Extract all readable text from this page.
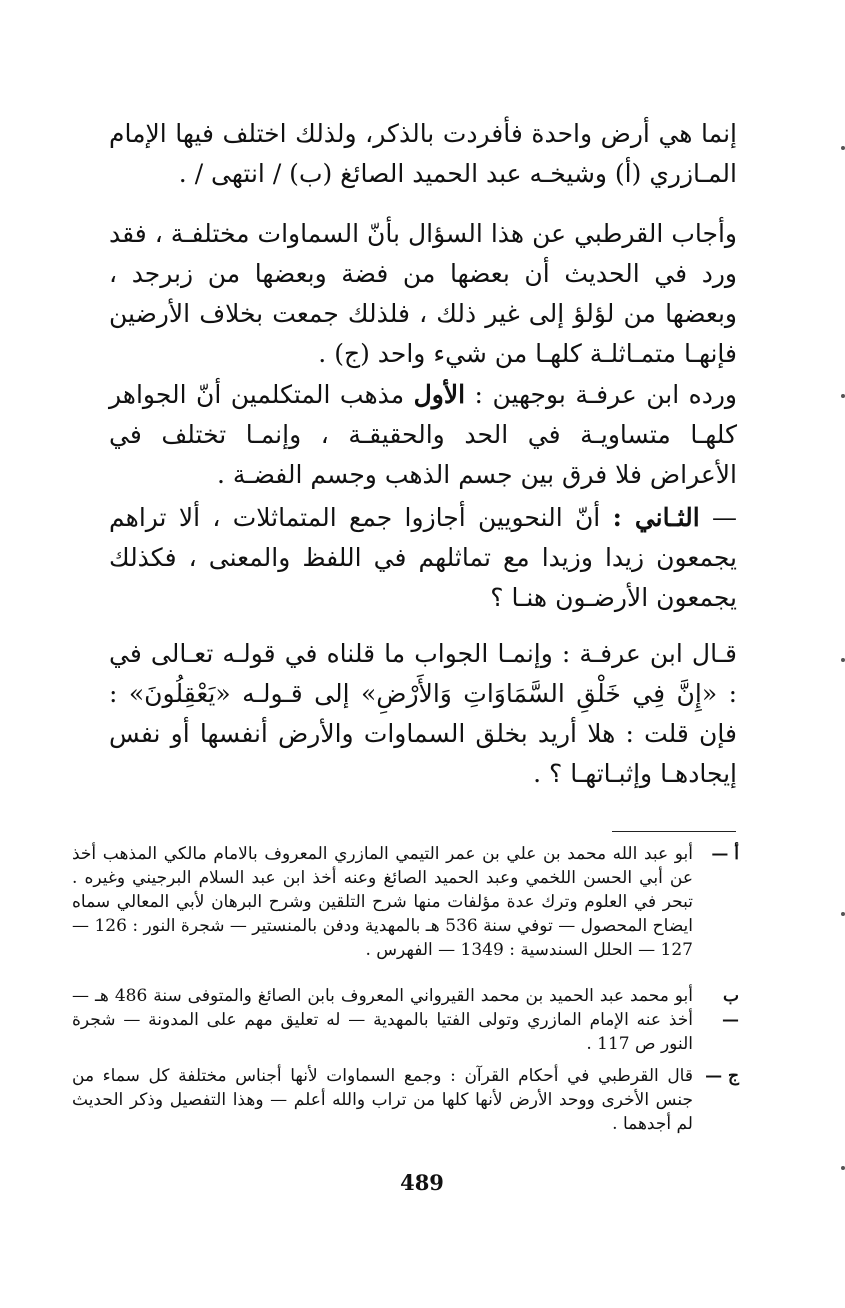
إنما هي أرض واحدة فأفردت بالذكر، ولذلك اختلف فيها الإمام المـازري (أ) وشيخـه عبد الحميد الصائغ (ب) / انتهى / .

وأجاب القرطبي عن هذا السؤال بأنّ السماوات مختلفـة ، فقد ورد في الحديث أن بعضها من فضة وبعضها من زبرجد ، وبعضها من لؤلؤ إلى غير ذلك ، فلذلك جمعت بخلاف الأرضين فإنهـا متمـاثلـة كلهـا من شيء واحد (ج) .

ورده ابن عرفـة بوجهين : الأول مذهب المتكلمين أنّ الجواهر كلهـا متساويـة في الحد والحقيقـة ، وإنمـا تختلف في الأعراض فلا فرق بين جسم الذهب وجسم الفضـة .

— الثـاني : أنّ النحويين أجازوا جمع المتماثلات ، ألا تراهم يجمعون زيدا وزيدا مع تماثلهم في اللفظ والمعنى ، فكذلك يجمعون الأرضـون هنـا ؟

قـال ابن عرفـة : وإنمـا الجواب ما قلناه في قولـه تعـالى في : «إِنَّ فِي خَلْقِ السَّمَاوَاتِ وَالأَرْضِ» إلى قـولـه «يَعْقِلُونَ» : فإن قلت : هلا أريد بخلق السماوات والأرض أنفسها أو نفس إيجادهـا وإثبـاتهـا ؟ .

أ —
أبو عبد الله محمد بن علي بن عمر التيمي المازري المعروف بالامام مالكي المذهب أخذ عن أبي الحسن اللخمي وعبد الحميد الصائغ وعنه أخذ ابن عبد السلام البرجيني وغيره . تبحر في العلوم وترك عدة مؤلفات منها شرح التلقين وشرح البرهان لأبي المعالي سماه ايضاح المحصول — توفي سنة 536 هـ بالمهدية ودفن بالمنستير — شجرة النور : 126 — 127 — الحلل السندسية : 1349 — الفهرس .
ب —
أبو محمد عبد الحميد بن محمد القيرواني المعروف بابن الصائغ والمتوفى سنة 486 هـ — أخذ عنه الإمام المازري وتولى الفتيا بالمهدية — له تعليق مهم على المدونة — شجرة النور ص 117 .
ج —
قال القرطبي في أحكام القرآن : وجمع السماوات لأنها أجناس مختلفة كل سماء من جنس الأخرى ووحد الأرض لأنها كلها من تراب والله أعلم — وهذا التفصيل وذكر الحديث لم أجدهما .
489
